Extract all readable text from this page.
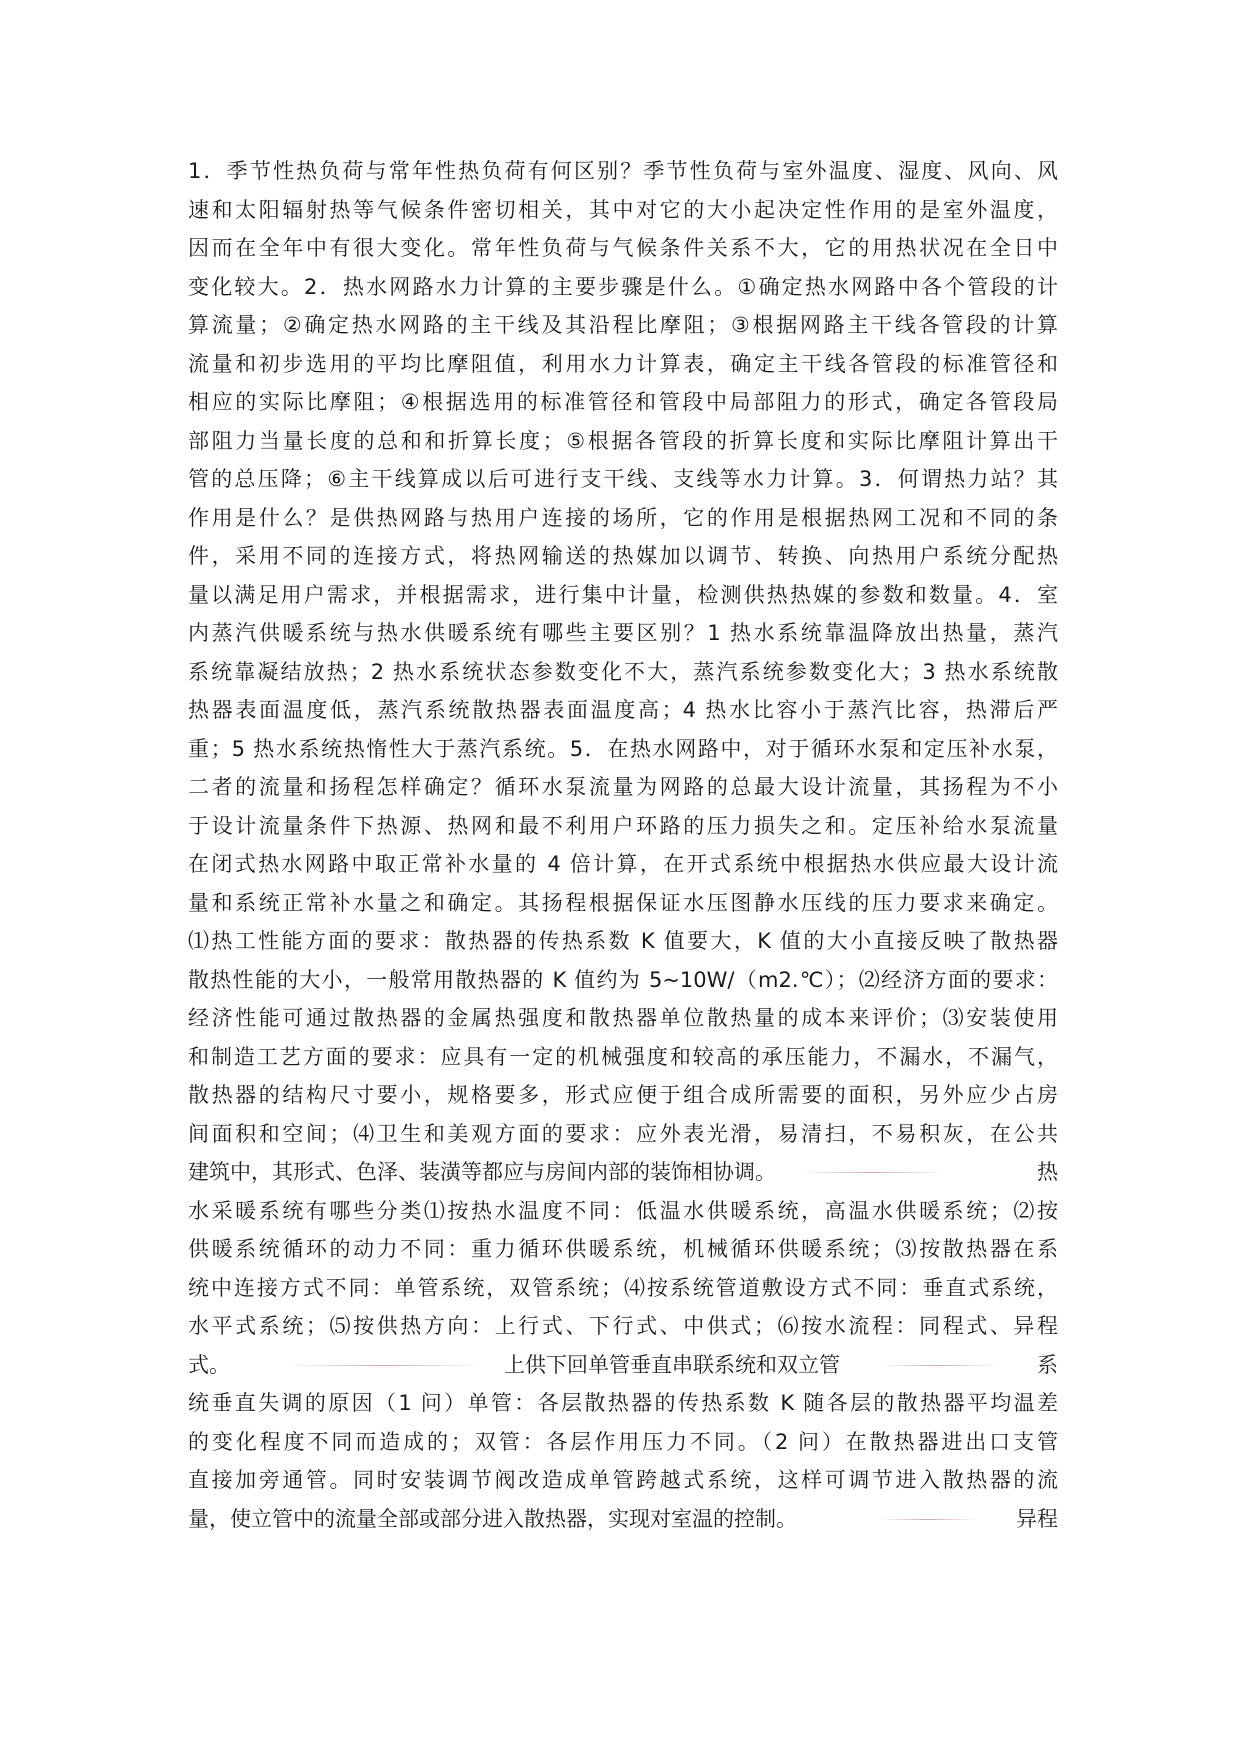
1．季节性热负荷与常年性热负荷有何区别？季节性负荷与室外温度、湿度、风向、风
速和太阳辐射热等气候条件密切相关，其中对它的大小起决定性作用的是室外温度，
因而在全年中有很大变化。常年性负荷与气候条件关系不大，它的用热状况在全日中
变化较大。2．热水网路水力计算的主要步骤是什么。①确定热水网路中各个管段的计
算流量；②确定热水网路的主干线及其沿程比摩阻；③根据网路主干线各管段的计算
流量和初步选用的平均比摩阻值，利用水力计算表，确定主干线各管段的标准管径和
相应的实际比摩阻；④根据选用的标准管径和管段中局部阻力的形式，确定各管段局
部阻力当量长度的总和和折算长度；⑤根据各管段的折算长度和实际比摩阻计算出干
管的总压降；⑥主干线算成以后可进行支干线、支线等水力计算。3．何谓热力站？其
作用是什么？是供热网路与热用户连接的场所，它的作用是根据热网工况和不同的条
件，采用不同的连接方式，将热网输送的热媒加以调节、转换、向热用户系统分配热
量以满足用户需求，并根据需求，进行集中计量，检测供热热媒的参数和数量。4．室
内蒸汽供暖系统与热水供暖系统有哪些主要区别？1 热水系统靠温降放出热量，蒸汽
系统靠凝结放热；2 热水系统状态参数变化不大，蒸汽系统参数变化大；3 热水系统散
热器表面温度低，蒸汽系统散热器表面温度高；4 热水比容小于蒸汽比容，热滞后严
重；5 热水系统热惰性大于蒸汽系统。5．在热水网路中，对于循环水泵和定压补水泵，
二者的流量和扬程怎样确定？循环水泵流量为网路的总最大设计流量，其扬程为不小
于设计流量条件下热源、热网和最不利用户环路的压力损失之和。定压补给水泵流量
在闭式热水网路中取正常补水量的 4 倍计算，在开式系统中根据热水供应最大设计流
量和系统正常补水量之和确定。其扬程根据保证水压图静水压线的压力要求来确定。
⑴热工性能方面的要求：散热器的传热系数 K 值要大，K 值的大小直接反映了散热器
散热性能的大小，一般常用散热器的 K 值约为 5~10W/（m2.℃）；⑵经济方面的要求：
经济性能可通过散热器的金属热强度和散热器单位散热量的成本来评价；⑶安装使用
和制造工艺方面的要求：应具有一定的机械强度和较高的承压能力，不漏水，不漏气，
散热器的结构尺寸要小，规格要多，形式应便于组合成所需要的面积，另外应少占房
间面积和空间；⑷卫生和美观方面的要求：应外表光滑，易清扫，不易积灰，在公共
建筑中，其形式、色泽、装潢等都应与房间内部的装饰相协调。	热
水采暖系统有哪些分类⑴按热水温度不同：低温水供暖系统，高温水供暖系统；⑵按
供暖系统循环的动力不同：重力循环供暖系统，机械循环供暖系统；⑶按散热器在系
统中连接方式不同：单管系统，双管系统；⑷按系统管道敷设方式不同：垂直式系统，
水平式系统；⑸按供热方向：上行式、下行式、中供式；⑹按水流程：同程式、异程
式。	上供下回单管垂直串联系统和双立管	系
统垂直失调的原因（1 问）单管：各层散热器的传热系数 K 随各层的散热器平均温差
的变化程度不同而造成的；双管：各层作用压力不同。（2 问）在散热器进出口支管
直接加旁通管。同时安装调节阀改造成单管跨越式系统，这样可调节进入散热器的流
量，使立管中的流量全部或部分进入散热器，实现对室温的控制。	异程
